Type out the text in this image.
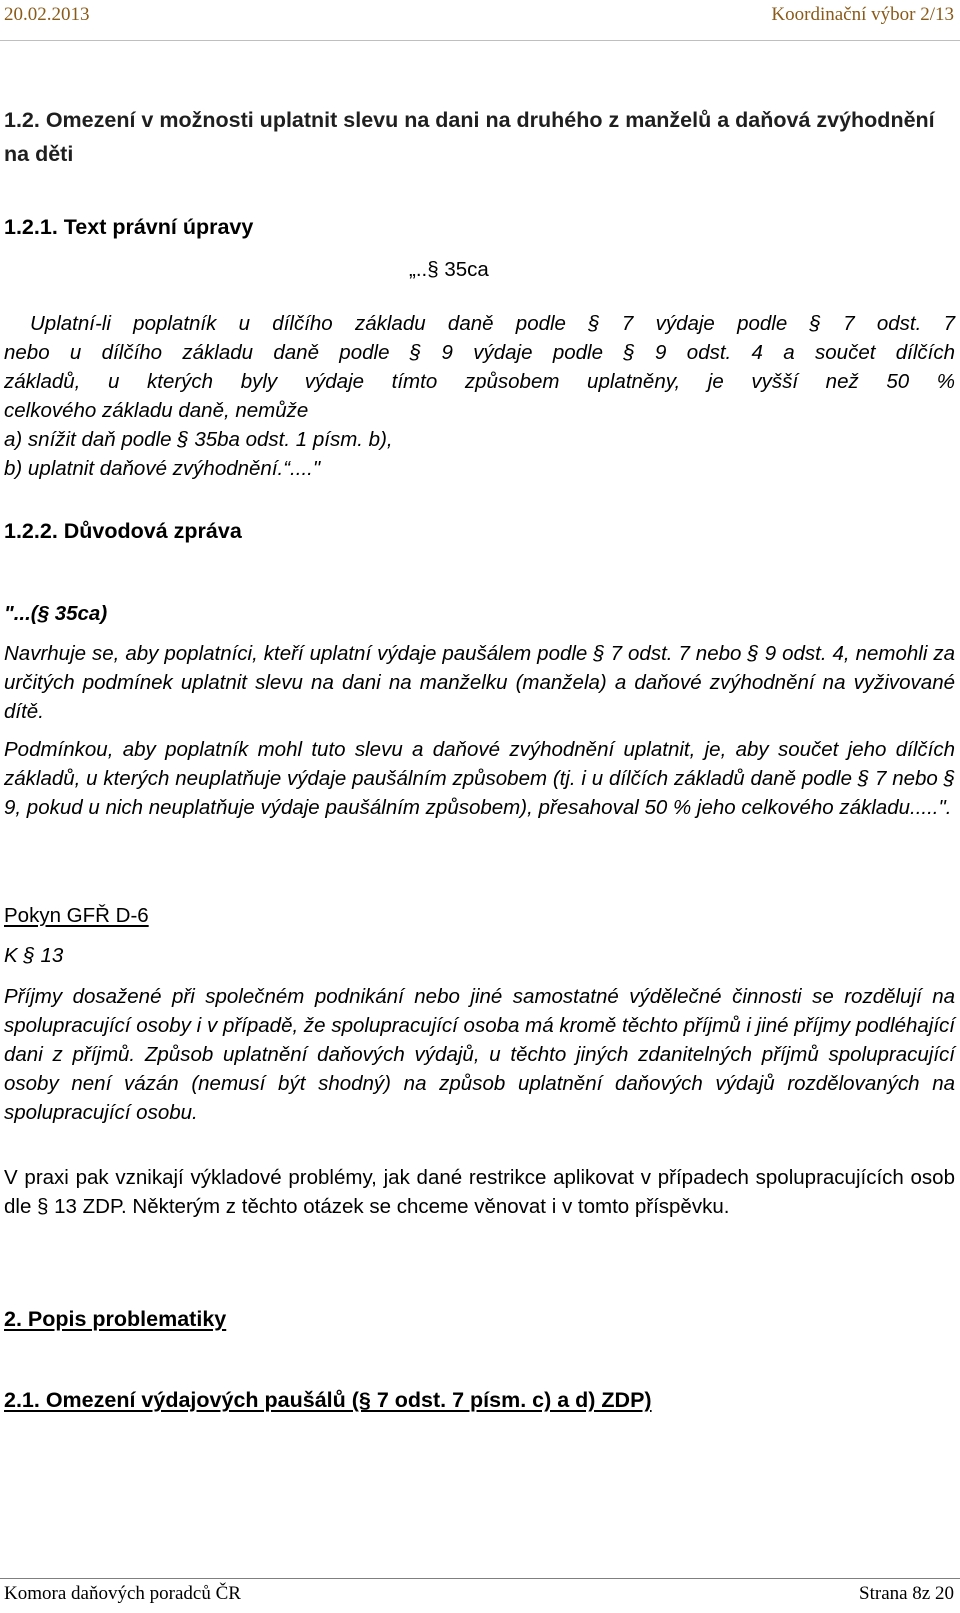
20.02.2013	Koordinační výbor 2/13
1.2. Omezení v možnosti uplatnit slevu na dani na druhého z manželů a daňová zvýhodnění na děti
1.2.1. Text právní úpravy
„..§ 35ca
Uplatní-li poplatník u dílčího základu daně podle § 7 výdaje podle § 7 odst. 7
nebo u dílčího základu daně podle § 9 výdaje podle § 9 odst. 4 a součet dílčích
základů, u kterých byly výdaje tímto způsobem uplatněny, je vyšší než 50 %
celkového základu daně, nemůže
a) snížit daň podle § 35ba odst. 1 písm. b),
b) uplatnit daňové zvýhodnění.“...."
1.2.2. Důvodová zpráva
"...(§ 35ca)
Navrhuje se, aby poplatníci, kteří uplatní výdaje paušálem podle § 7 odst. 7 nebo § 9 odst. 4, nemohli za určitých podmínek uplatnit slevu na dani na manželku (manžela) a daňové zvýhodnění na vyživované dítě.
Podmínkou, aby poplatník mohl tuto slevu a daňové zvýhodnění uplatnit, je, aby součet jeho dílčích základů, u kterých neuplatňuje výdaje paušálním způsobem (tj. i u dílčích základů daně podle § 7 nebo § 9, pokud u nich neuplatňuje výdaje paušálním způsobem), přesahoval 50 % jeho celkového základu.....".
Pokyn GFŘ D-6
K § 13
Příjmy dosažené při společném podnikání nebo jiné samostatné výdělečné činnosti se rozdělují na spolupracující osoby i v případě, že spolupracující osoba má kromě těchto příjmů i jiné příjmy podléhající dani z příjmů. Způsob uplatnění daňových výdajů, u těchto jiných zdanitelných příjmů spolupracující osoby není vázán (nemusí být shodný) na způsob uplatnění daňových výdajů rozdělovaných na spolupracující osobu.
V praxi pak vznikají výkladové problémy, jak dané restrikce aplikovat v případech spolupracujících osob dle § 13 ZDP. Některým z těchto otázek se chceme věnovat i v tomto příspěvku.
2. Popis problematiky
2.1. Omezení výdajových paušálů (§ 7 odst. 7 písm. c) a d) ZDP)
Komora daňových poradců ČR	Strana 8z 20
